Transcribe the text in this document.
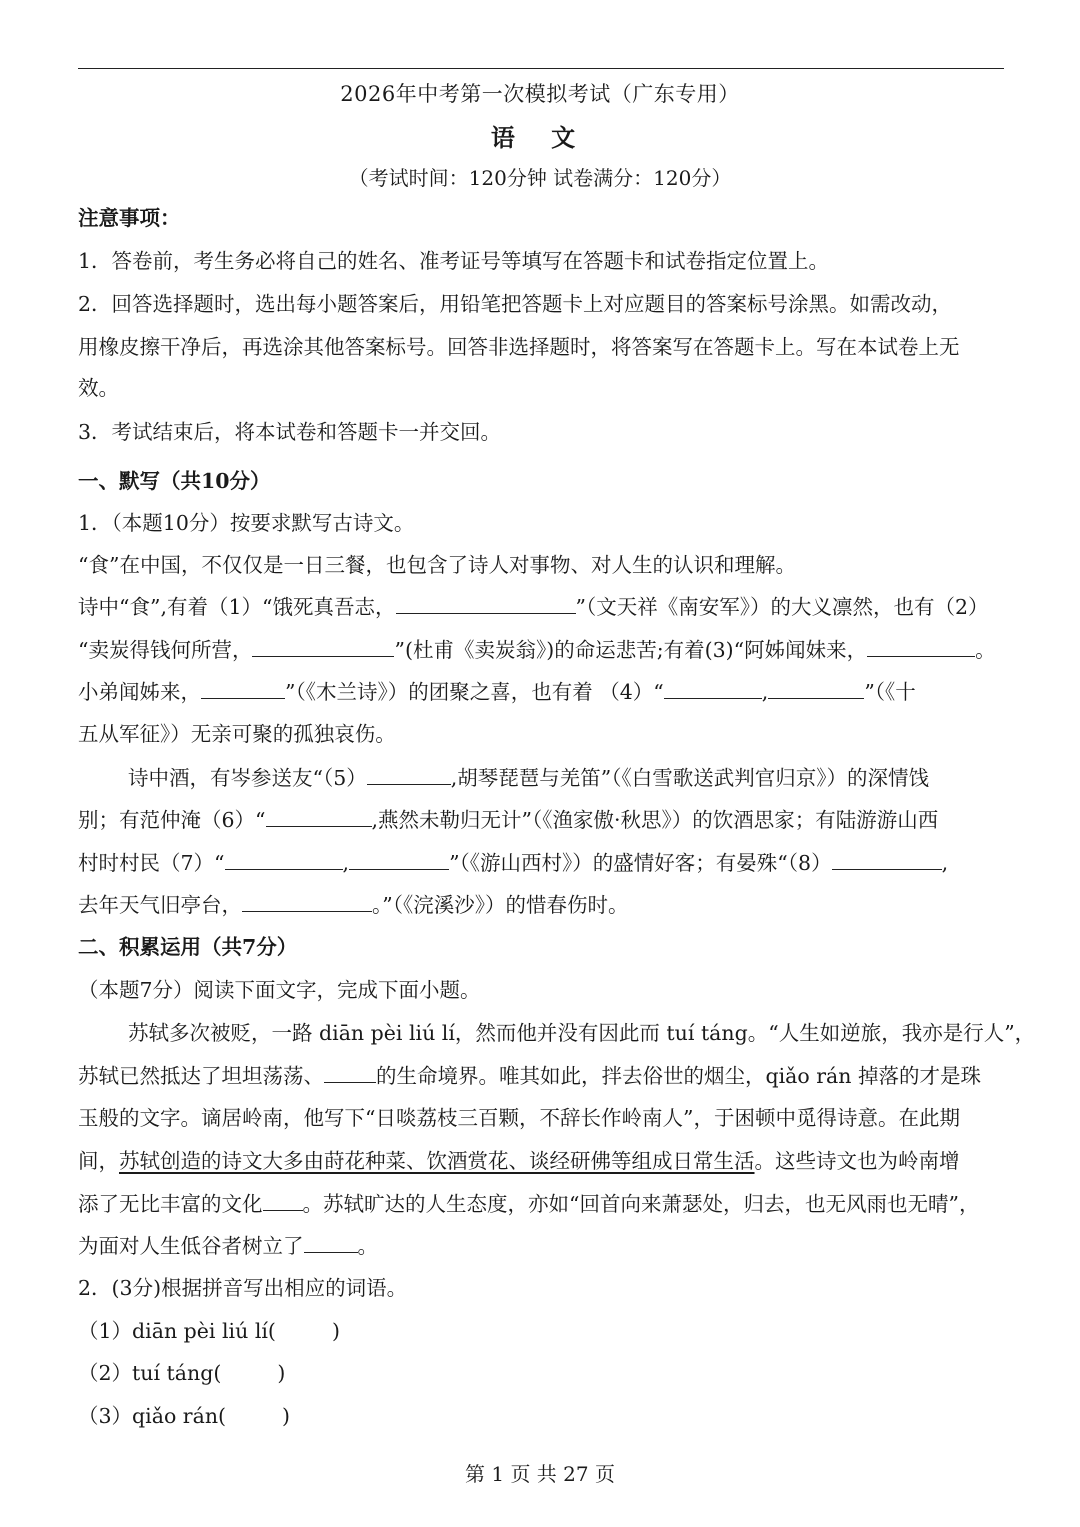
2026年中考第一次模拟考试（广东专用）
语 文
（考试时间：120分钟 试卷满分：120分）
注意事项：
1．答卷前，考生务必将自己的姓名、准考证号等填写在答题卡和试卷指定位置上。
2．回答选择题时，选出每小题答案后，用铅笔把答题卡上对应题目的答案标号涂黑。如需改动，
用橡皮擦干净后，再选涂其他答案标号。回答非选择题时，将答案写在答题卡上。写在本试卷上无
效。
3．考试结束后，将本试卷和答题卡一并交回。
一、默写（共10分）
1．（本题10分）按要求默写古诗文。
“食”在中国，不仅仅是一日三餐，也包含了诗人对事物、对人生的认识和理解。
诗中“食”,有着（1）“饿死真吾志，	”（文天祥《南安军》）的大义凛然，也有（2）
“卖炭得钱何所营，	”(杜甫《卖炭翁》)的命运悲苦;有着(3)“阿姊闻妹来，	。
小弟闻姊来，	”（《木兰诗》）的团聚之喜，也有着 （4）“	,	”（《十
五从军征》）无亲可聚的孤独哀伤。
诗中酒，有岑参送友“（5）	,胡琴琵琶与羌笛”（《白雪歌送武判官归京》）的深情饯
别；有范仲淹（6）“	,燕然未勒归无计”（《渔家傲·秋思》）的饮酒思家；有陆游游山西
村时村民（7）“	,	”（《游山西村》）的盛情好客；有晏殊“（8）	,
去年天气旧亭台，	。”（《浣溪沙》）的惜春伤时。
二、积累运用（共7分）
（本题7分）阅读下面文字，完成下面小题。
苏轼多次被贬，一路 diān pèi liú lí，然而他并没有因此而 tuí táng。“人生如逆旅，我亦是行人”，
苏轼已然抵达了坦坦荡荡、	的生命境界。唯其如此，拌去俗世的烟尘，qiǎo rán 掉落的才是珠
玉般的文字。谪居岭南，他写下“日啖荔枝三百颗，不辞长作岭南人”，于困顿中觅得诗意。在此期
间，苏轼创造的诗文大多由莳花种菜、饮酒赏花、谈经研佛等组成日常生活。这些诗文也为岭南增
添了无比丰富的文化 。苏轼旷达的人生态度，亦如“回首向来萧瑟处，归去，也无风雨也无晴”，
为面对人生低谷者树立了	。
2．(3分)根据拼音写出相应的词语。
（1）diān pèi liú lí(	)
（2）tuí táng(	)
（3）qiǎo rán(	)
第 1 页 共 27 页
